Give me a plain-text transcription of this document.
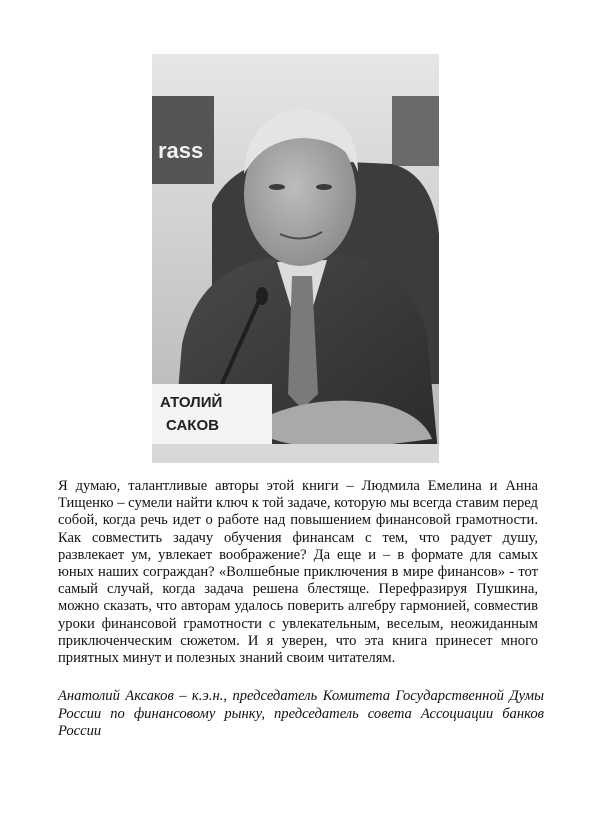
rass
АТОЛИЙ
САКОВ

Я думаю, талантливые авторы этой книги – Людмила Емелина и Анна Тищенко – сумели найти ключ к той задаче, которую мы всегда ставим перед собой, когда речь идет о работе над повышением финансовой грамотности. Как совместить задачу обучения финансам с тем, что радует душу, развлекает ум, увлекает воображение? Да еще и – в формате для самых юных наших сограждан? «Волшебные приключения в мире финансов» - тот самый случай, когда задача решена блестяще. Перефразируя Пушкина, можно сказать, что авторам удалось поверить алгебру гармонией, совместив уроки финансовой грамотности с увлекательным, веселым, неожиданным приключенческим сюжетом. И я уверен, что эта книга принесет много приятных минут и полезных знаний своим читателям.

Анатолий Аксаков – к.э.н., председатель Комитета Государственной Думы России по финансовому рынку, председатель совета Ассоциации банков России
